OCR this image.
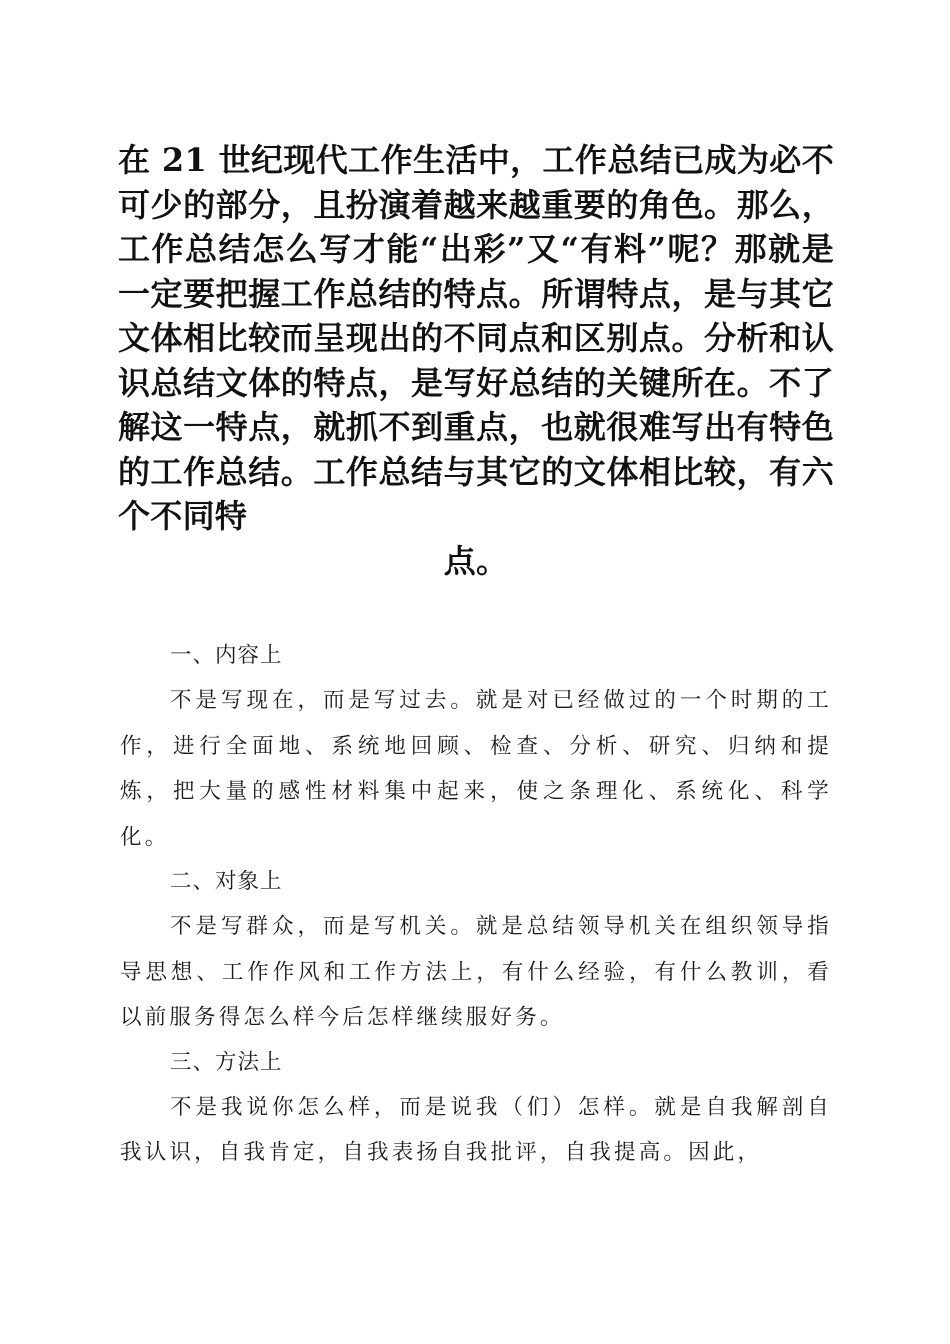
在 21 世纪现代工作生活中，工作总结已成为必不可少的部分，且扮演着越来越重要的角色。那么，工作总结怎么写才能“出彩”又“有料”呢？那就是一定要把握工作总结的特点。所谓特点，是与其它文体相比较而呈现出的不同点和区别点。分析和认识总结文体的特点，是写好总结的关键所在。不了解这一特点，就抓不到重点，也就很难写出有特色的工作总结。工作总结与其它的文体相比较，有六个不同特
点。

一、内容上

不是写现在，而是写过去。就是对已经做过的一个时期的工作，进行全面地、系统地回顾、检查、分析、研究、归纳和提炼，把大量的感性材料集中起来，使之条理化、系统化、科学化。

二、对象上

不是写群众，而是写机关。就是总结领导机关在组织领导指导思想、工作作风和工作方法上，有什么经验，有什么教训，看以前服务得怎么样今后怎样继续服好务。

三、方法上

不是我说你怎么样，而是说我（们）怎样。就是自我解剖自我认识，自我肯定，自我表扬自我批评，自我提高。因此，
